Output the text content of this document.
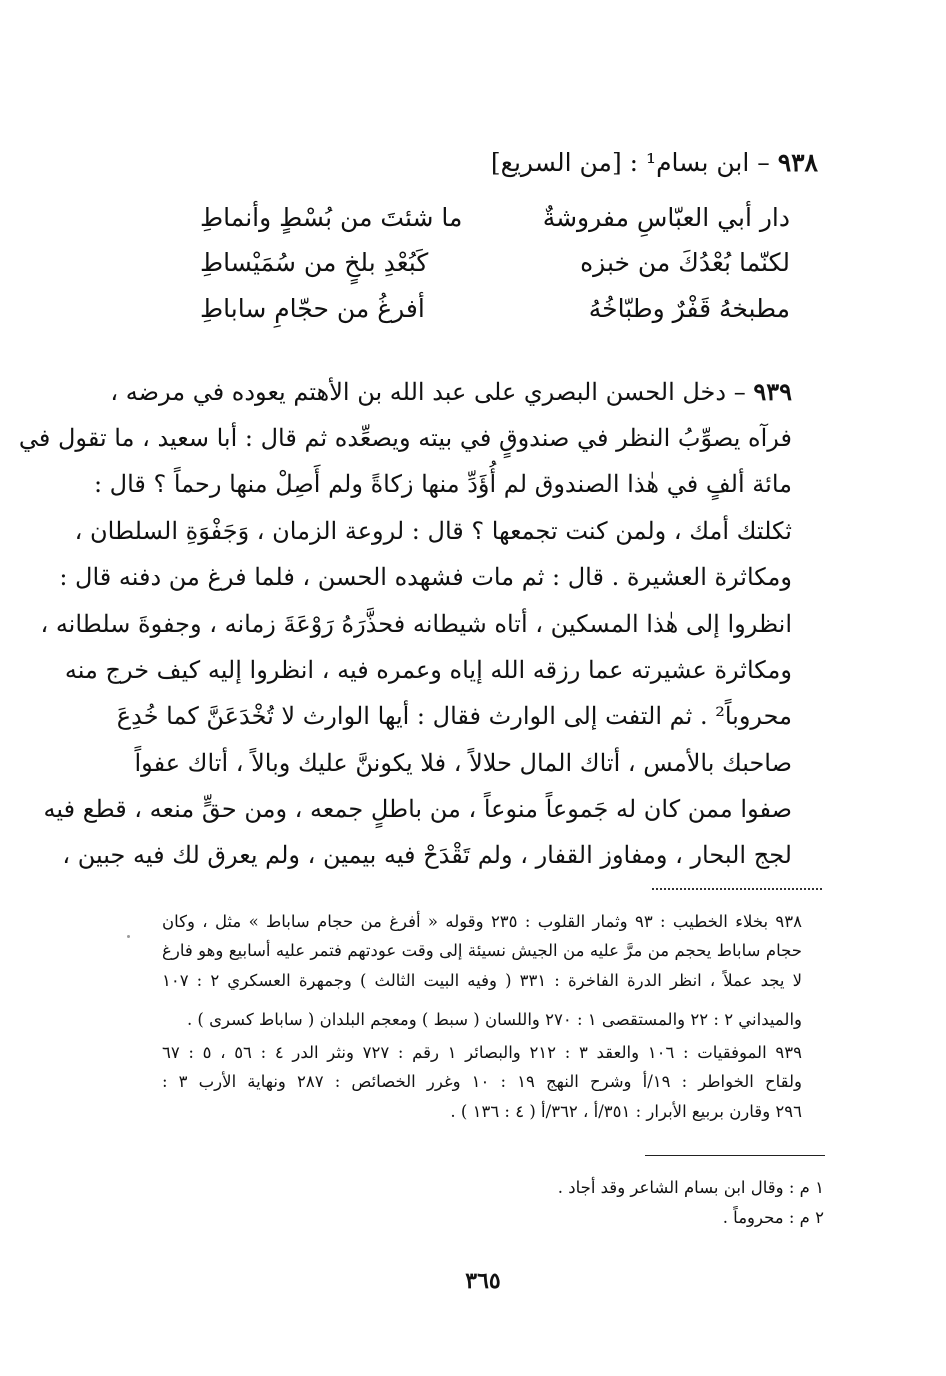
٩٣٨ – ابن بسام¹ : [من السريع]
دار أبي العبّاسِ مفروشةٌ
ما شئتَ من بُسْطٍ وأنماطِ
لكنّما بُعْدُكَ من خبزه
كَبُعْدِ بلخٍ من سُمَيْساطِ
مطبخهُ قَفْرٌ وطبّاخُهُ
أفرغُ من حجّامِ ساباطِ
٩٣٩ – دخل الحسن البصري على عبد الله بن الأهتم يعوده في مرضه ،
فرآه يصوِّبُ النظر في صندوقٍ في بيته ويصعِّده ثم قال : أبا سعيد ، ما تقول في
مائة ألفٍ في هٰذا الصندوق لم أُؤَدِّ منها زكاةً ولم أَصِلْ منها رحماً ؟ قال :
ثكلتك أمك ، ولمن كنت تجمعها ؟ قال : لروعة الزمان ، وَجَفْوَةِ السلطان ،
ومكاثرة العشيرة . قال : ثم مات فشهده الحسن ، فلما فرغ من دفنه قال :
انظروا إلى هٰذا المسكين ، أتاه شيطانه فحذَّرَهُ رَوْعَةَ زمانه ، وجفوةَ سلطانه ،
ومكاثرة عشيرته عما رزقه الله إياه وعمره فيه ، انظروا إليه كيف خرج منه
محروباً² . ثم التفت إلى الوارث فقال : أيها الوارث لا تُخْدَعَنَّ كما خُدِعَ
صاحبك بالأمس ، أتاك المال حلالاً ، فلا يكوننَّ عليك وبالاً ، أتاك عفواً
صفوا ممن كان له جَموعاً منوعاً ، من باطلٍ جمعه ، ومن حقٍّ منعه ، قطع فيه
لجج البحار ، ومفاوز القفار ، ولم تَقْدَحْ فيه بيمين ، ولم يعرق لك فيه جبين ،
٩٣٨ بخلاء الخطيب : ٩٣ وثمار القلوب : ٢٣٥ وقوله « أفرغ من حجام ساباط » مثل ، وكان
حجام ساباط يحجم من مرَّ عليه من الجيش نسيئة إلى وقت عودتهم فتمر عليه أسابيع وهو فارغ
لا يجد عملاً ، انظر الدرة الفاخرة : ٣٣١ ( وفيه البيت الثالث ) وجمهرة العسكري ٢ : ١٠٧
والميداني ٢ : ٢٢ والمستقصى ١ : ٢٧٠ واللسان ( سبط ) ومعجم البلدان ( ساباط كسرى ) .
٩٣٩ الموفقيات : ١٠٦ والعقد ٣ : ٢١٢ والبصائر ١ رقم : ٧٢٧ ونثر الدر ٤ : ٥٦ ، ٥ : ٦٧
ولقاح الخواطر : ١٩/أ وشرح النهج ١٩ : ١٠ وغرر الخصائص : ٢٨٧ ونهاية الأرب ٣ :
٢٩٦ وقارن بربيع الأبرار : ٣٥١/أ ، ٣٦٢/أ ( ٤ : ١٣٦ ) .
١ م : وقال ابن بسام الشاعر وقد أجاد .
٢ م : محروماً .
٣٦٥
